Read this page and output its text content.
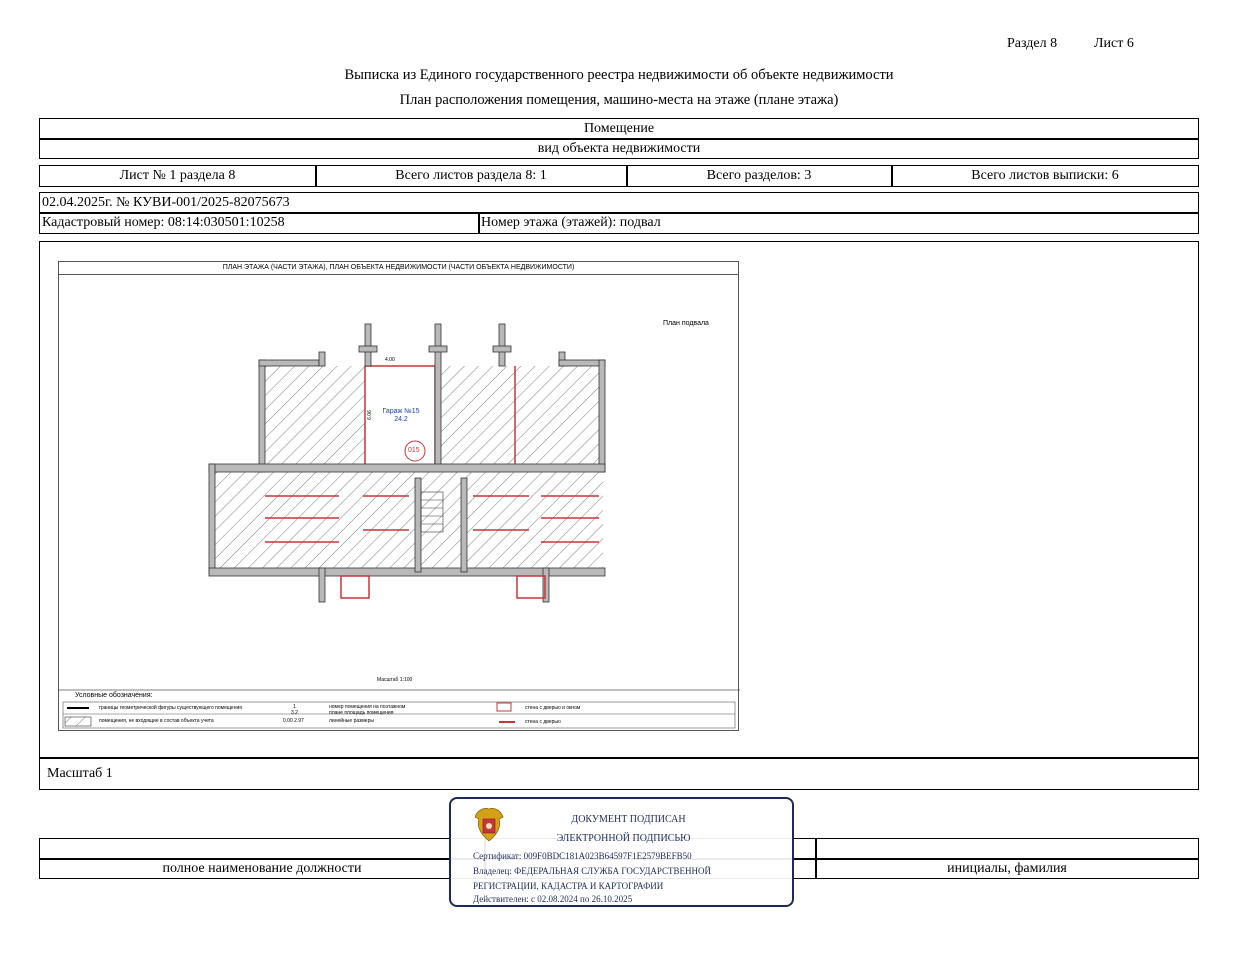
Раздел 8	Лист 6
Выписка из Единого государственного реестра недвижимости об объекте недвижимости
План расположения помещения, машино-места на этаже (плане этажа)
Помещение
вид объекта недвижимости
Лист № 1 раздела 8	Всего листов раздела 8: 1	Всего разделов: 3	Всего листов выписки: 6
02.04.2025г. № КУВИ-001/2025-82075673
Кадастровый номер: 08:14:030501:10258	Номер этажа (этажей): подвал
Масштаб 1
ПЛАН ЭТАЖА (ЧАСТИ ЭТАЖА), ПЛАН ОБЪЕКТА НЕДВИЖИМОСТИ (ЧАСТИ ОБЪЕКТА НЕДВИЖИМОСТИ)
План подвала
Гараж №15
24.2
015
4.00
6.06
Масштаб 1:100
Условные обозначения:
границы геометрической фигуры существующего помещения
помещения, не входящие в состав объекта учета
1
3.2
номер помещения на поэтажном плане площадь помещения
0.00 2.97	линейные размеры
стена с дверью и окном
стена с дверью
полное наименование должности	инициалы, фамилия
ДОКУМЕНТ ПОДПИСАН
ЭЛЕКТРОННОЙ ПОДПИСЬЮ
Сертификат: 009F0BDC181A023B64597F1E2579BEFB50
Владелец: ФЕДЕРАЛЬНАЯ СЛУЖБА ГОСУДАРСТВЕННОЙ
РЕГИСТРАЦИИ, КАДАСТРА И КАРТОГРАФИИ
Действителен: с 02.08.2024 по 26.10.2025
